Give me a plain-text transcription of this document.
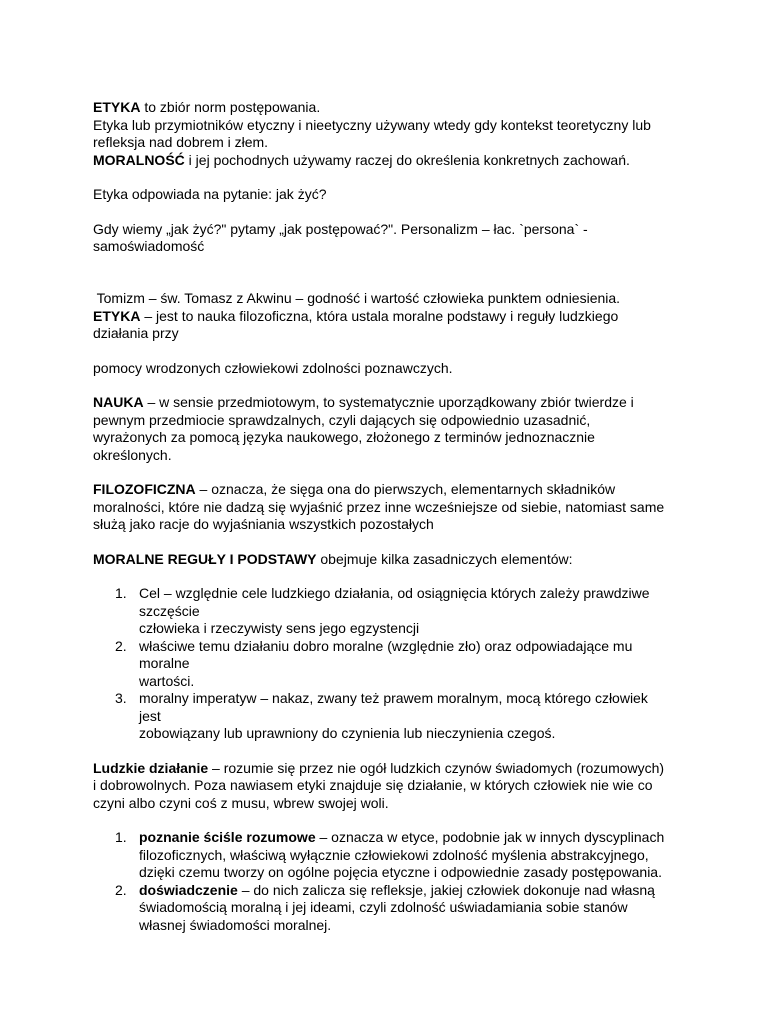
ETYKA to zbiór norm postępowania.
Etyka lub przymiotników etyczny i nieetyczny używany wtedy gdy kontekst teoretyczny lub
refleksja nad dobrem i złem.
MORALNOŚĆ i jej pochodnych używamy raczej do określenia konkretnych zachowań.

Etyka odpowiada na pytanie: jak żyć?

Gdy wiemy „jak żyć?" pytamy „jak postępować?". Personalizm – łac. `persona` -
samoświadomość

Tomizm – św. Tomasz z Akwinu – godność i wartość człowieka punktem odniesienia.
ETYKA – jest to nauka filozoficzna, która ustala moralne podstawy i reguły ludzkiego
działania przy

pomocy wrodzonych człowiekowi zdolności poznawczych.

NAUKA – w sensie przedmiotowym, to systematycznie uporządkowany zbiór twierdze i
pewnym przedmiocie sprawdzalnych, czyli dających się odpowiednio uzasadnić,
wyrażonych za pomocą języka naukowego, złożonego z terminów jednoznacznie
określonych.

FILOZOFICZNA – oznacza, że sięga ona do pierwszych, elementarnych składników
moralności, które nie dadzą się wyjaśnić przez inne wcześniejsze od siebie, natomiast same
służą jako racje do wyjaśniania wszystkich pozostałych

MORALNE REGUŁY I PODSTAWY obejmuje kilka zasadniczych elementów:

1. Cel – względnie cele ludzkiego działania, od osiągnięcia których zależy prawdziwe
szczęście
człowieka i rzeczywisty sens jego egzystencji
2. właściwe temu działaniu dobro moralne (względnie zło) oraz odpowiadające mu
moralne
wartości.
3. moralny imperatyw – nakaz, zwany też prawem moralnym, mocą którego człowiek
jest
zobowiązany lub uprawniony do czynienia lub nieczynienia czegoś.

Ludzkie działanie – rozumie się przez nie ogół ludzkich czynów świadomych (rozumowych)
i dobrowolnych. Poza nawiasem etyki znajduje się działanie, w których człowiek nie wie co
czyni albo czyni coś z musu, wbrew swojej woli.

1. poznanie ściśle rozumowe – oznacza w etyce, podobnie jak w innych dyscyplinach
filozoficznych, właściwą wyłącznie człowiekowi zdolność myślenia abstrakcyjnego,
dzięki czemu tworzy on ogólne pojęcia etyczne i odpowiednie zasady postępowania.
2. doświadczenie – do nich zalicza się refleksje, jakiej człowiek dokonuje nad własną
świadomością moralną i jej ideami, czyli zdolność uświadamiania sobie stanów
własnej świadomości moralnej.
